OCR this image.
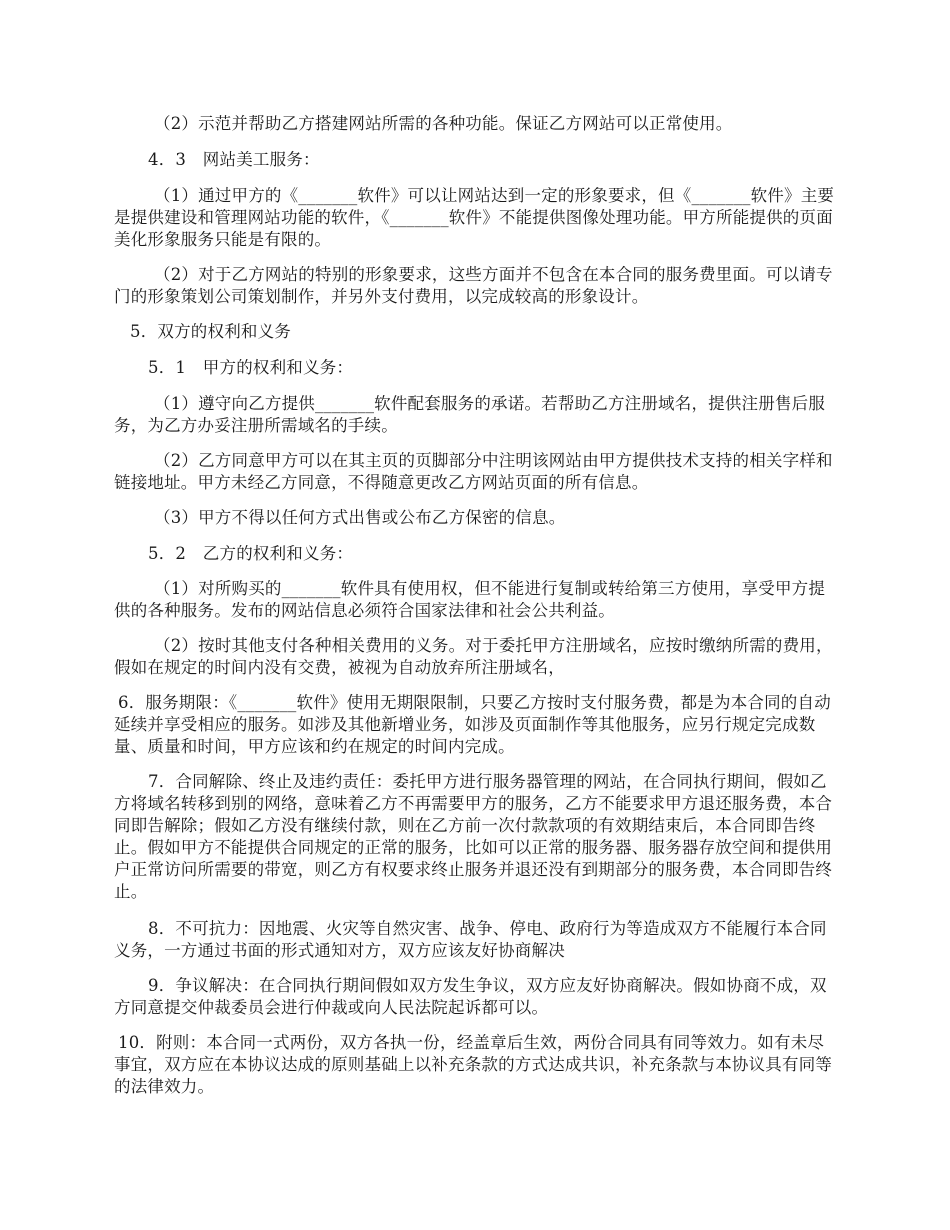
（2）示范并帮助乙方搭建网站所需的各种功能。保证乙方网站可以正常使用。

4．3　网站美工服务：

（1）通过甲方的《_______软件》可以让网站达到一定的形象要求，但《_______软件》主要是提供建设和管理网站功能的软件，《_______软件》不能提供图像处理功能。甲方所能提供的页面美化形象服务只能是有限的。

（2）对于乙方网站的特别的形象要求，这些方面并不包含在本合同的服务费里面。可以请专门的形象策划公司策划制作，并另外支付费用，以完成较高的形象设计。

5．双方的权利和义务

5．1　甲方的权利和义务：

（1）遵守向乙方提供_______软件配套服务的承诺。若帮助乙方注册域名，提供注册售后服务，为乙方办妥注册所需域名的手续。

（2）乙方同意甲方可以在其主页的页脚部分中注明该网站由甲方提供技术支持的相关字样和链接地址。甲方未经乙方同意，不得随意更改乙方网站页面的所有信息。

（3）甲方不得以任何方式出售或公布乙方保密的信息。

5．2　乙方的权利和义务：

（1）对所购买的_______软件具有使用权，但不能进行复制或转给第三方使用，享受甲方提供的各种服务。发布的网站信息必须符合国家法律和社会公共利益。

（2）按时其他支付各种相关费用的义务。对于委托甲方注册域名，应按时缴纳所需的费用，假如在规定的时间内没有交费，被视为自动放弃所注册域名，

6．服务期限：《_______软件》使用无期限限制，只要乙方按时支付服务费，都是为本合同的自动延续并享受相应的服务。如涉及其他新增业务，如涉及页面制作等其他服务，应另行规定完成数量、质量和时间，甲方应该和约在规定的时间内完成。

7．合同解除、终止及违约责任：委托甲方进行服务器管理的网站，在合同执行期间，假如乙方将域名转移到别的网络，意味着乙方不再需要甲方的服务，乙方不能要求甲方退还服务费，本合同即告解除；假如乙方没有继续付款，则在乙方前一次付款款项的有效期结束后，本合同即告终止。假如甲方不能提供合同规定的正常的服务，比如可以正常的服务器、服务器存放空间和提供用户正常访问所需要的带宽，则乙方有权要求终止服务并退还没有到期部分的服务费，本合同即告终止。

8．不可抗力：因地震、火灾等自然灾害、战争、停电、政府行为等造成双方不能履行本合同义务，一方通过书面的形式通知对方，双方应该友好协商解决

9．争议解决：在合同执行期间假如双方发生争议，双方应友好协商解决。假如协商不成，双方同意提交仲裁委员会进行仲裁或向人民法院起诉都可以。

10．附则：本合同一式两份，双方各执一份，经盖章后生效，两份合同具有同等效力。如有未尽事宜，双方应在本协议达成的原则基础上以补充条款的方式达成共识，补充条款与本协议具有同等的法律效力。
